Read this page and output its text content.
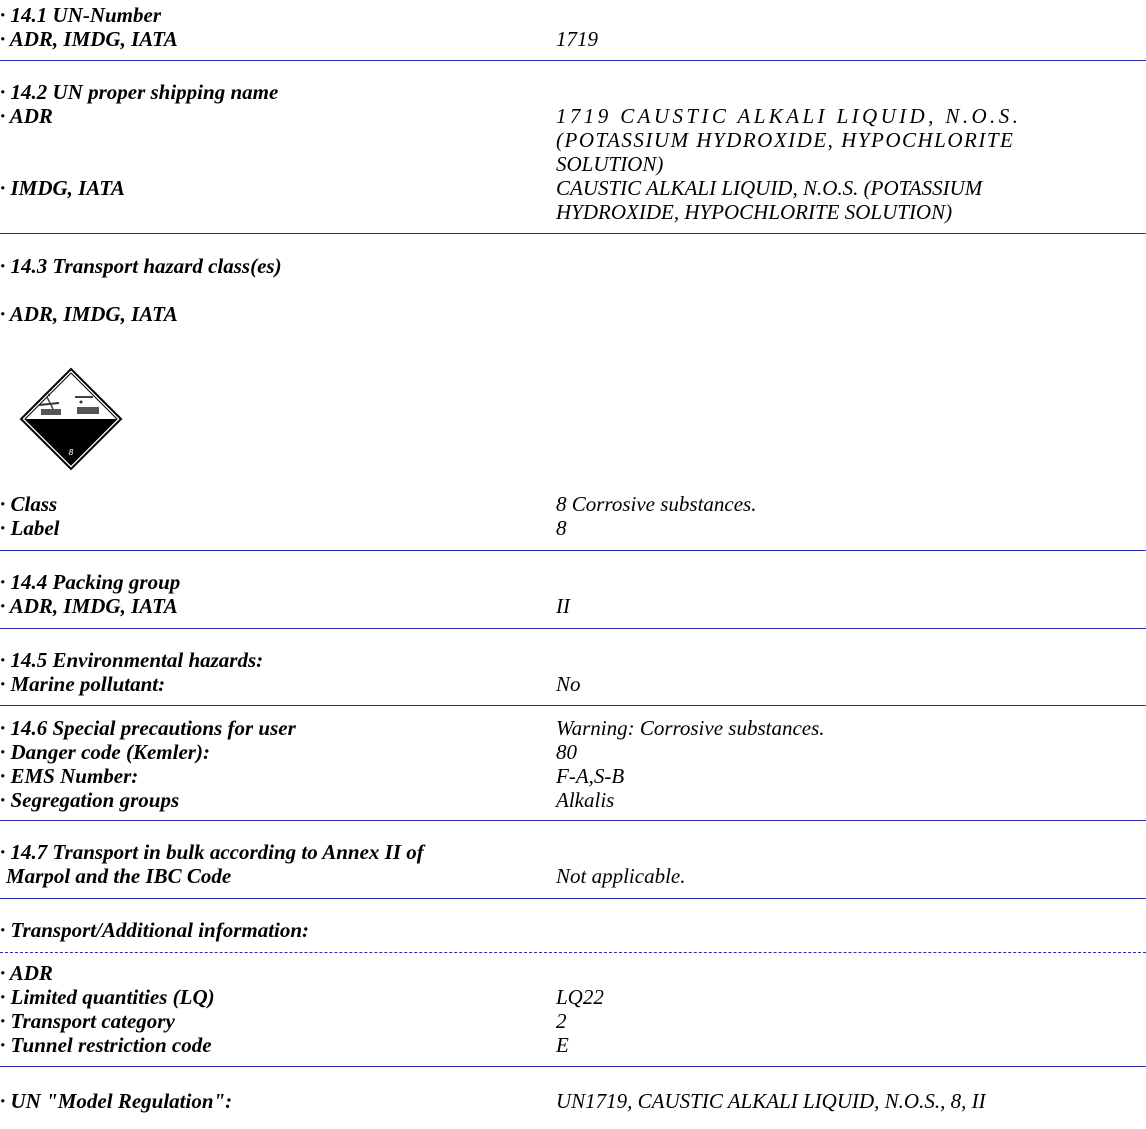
· 14.1 UN-Number
· ADR, IMDG, IATA	1719
· 14.2 UN proper shipping name
· ADR	1719 CAUSTIC ALKALI LIQUID, N.O.S.
(POTASSIUM HYDROXIDE, HYPOCHLORITE
SOLUTION)
· IMDG, IATA	CAUSTIC ALKALI LIQUID, N.O.S. (POTASSIUM
HYDROXIDE, HYPOCHLORITE SOLUTION)
· 14.3 Transport hazard class(es)
· ADR, IMDG, IATA
8
· Class	8 Corrosive substances.
· Label	8
· 14.4 Packing group
· ADR, IMDG, IATA	II
· 14.5 Environmental hazards:
· Marine pollutant:	No
· 14.6 Special precautions for user	Warning: Corrosive substances.
· Danger code (Kemler):	80
· EMS Number:	F-A,S-B
· Segregation groups	Alkalis
· 14.7 Transport in bulk according to Annex II of
Marpol and the IBC Code	Not applicable.
· Transport/Additional information:
· ADR
· Limited quantities (LQ)	LQ22
· Transport category	2
· Tunnel restriction code	E
· UN "Model Regulation":	UN1719, CAUSTIC ALKALI LIQUID, N.O.S., 8, II
